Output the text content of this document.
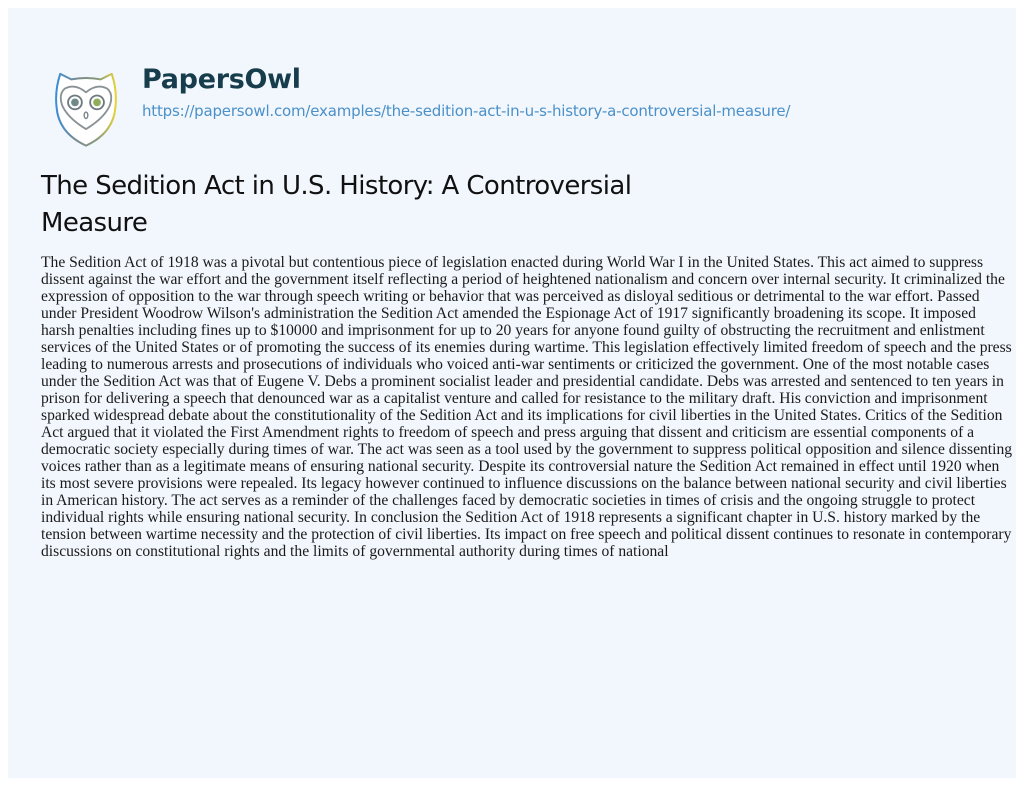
PapersOwl
https://papersowl.com/examples/the-sedition-act-in-u-s-history-a-controversial-measure/
The Sedition Act in U.S. History: A Controversial Measure

The Sedition Act of 1918 was a pivotal but contentious piece of legislation enacted during World War I in the United States. This act aimed to suppress dissent against the war effort and the government itself reflecting a period of heightened nationalism and concern over internal security. It criminalized the expression of opposition to the war through speech writing or behavior that was perceived as disloyal seditious or detrimental to the war effort. Passed under President Woodrow Wilson's administration the Sedition Act amended the Espionage Act of 1917 significantly broadening its scope. It imposed harsh penalties including fines up to $10000 and imprisonment for up to 20 years for anyone found guilty of obstructing the recruitment and enlistment services of the United States or of promoting the success of its enemies during wartime. This legislation effectively limited freedom of speech and the press leading to numerous arrests and prosecutions of individuals who voiced anti-war sentiments or criticized the government. One of the most notable cases under the Sedition Act was that of Eugene V. Debs a prominent socialist leader and presidential candidate. Debs was arrested and sentenced to ten years in prison for delivering a speech that denounced war as a capitalist venture and called for resistance to the military draft. His conviction and imprisonment sparked widespread debate about the constitutionality of the Sedition Act and its implications for civil liberties in the United States. Critics of the Sedition Act argued that it violated the First Amendment rights to freedom of speech and press arguing that dissent and criticism are essential components of a democratic society especially during times of war. The act was seen as a tool used by the government to suppress political opposition and silence dissenting voices rather than as a legitimate means of ensuring national security. Despite its controversial nature the Sedition Act remained in effect until 1920 when its most severe provisions were repealed. Its legacy however continued to influence discussions on the balance between national security and civil liberties in American history. The act serves as a reminder of the challenges faced by democratic societies in times of crisis and the ongoing struggle to protect individual rights while ensuring national security. In conclusion the Sedition Act of 1918 represents a significant chapter in U.S. history marked by the tension between wartime necessity and the protection of civil liberties. Its impact on free speech and political dissent continues to resonate in contemporary discussions on constitutional rights and the limits of governmental authority during times of national
